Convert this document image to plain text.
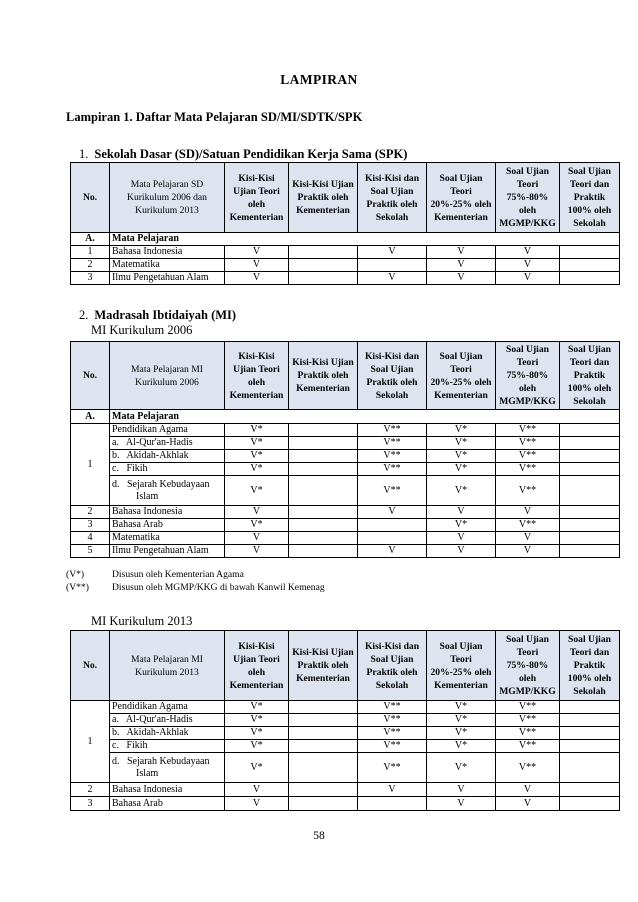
LAMPIRAN
Lampiran 1. Daftar Mata Pelajaran SD/MI/SDTK/SPK
1. Sekolah Dasar (SD)/Satuan Pendidikan Kerja Sama (SPK)
No.	Mata Pelajaran SD Kurikulum 2006 dan Kurikulum 2013	Kisi-Kisi Ujian Teori oleh Kementerian	Kisi-Kisi Ujian Praktik oleh Kementerian	Kisi-Kisi dan Soal Ujian Praktik oleh Sekolah	Soal Ujian Teori 20%-25% oleh Kementerian	Soal Ujian Teori 75%-80% oleh MGMP/KKG	Soal Ujian Teori dan Praktik 100% oleh Sekolah
A.	Mata Pelajaran						
1	Bahasa Indonesia	V		V	V	V	
2	Matematika	V			V	V	
3	Ilmu Pengetahuan Alam	V		V	V	V	
2. Madrasah Ibtidaiyah (MI)
MI Kurikulum 2006
No.	Mata Pelajaran MI Kurikulum 2006	Kisi-Kisi Ujian Teori oleh Kementerian	Kisi-Kisi Ujian Praktik oleh Kementerian	Kisi-Kisi dan Soal Ujian Praktik oleh Sekolah	Soal Ujian Teori 20%-25% oleh Kementerian	Soal Ujian Teori 75%-80% oleh MGMP/KKG	Soal Ujian Teori dan Praktik 100% oleh Sekolah
A.	Mata Pelajaran						
1	Pendidikan Agama	V*		V**	V*	V**	
	a.   Al-Qur'an-Hadis	V*		V**	V*	V**	
	b.   Akidah-Akhlak	V*		V**	V*	V**	
	c.   Fikih	V*		V**	V*	V**	

	d.   Sejarah Kebudayaan
Islam	V*		V**	V*	V**	
2	Bahasa Indonesia	V		V	V	V	
3	Bahasa Arab	V*			V*	V**	
4	Matematika	V			V	V	
5	Ilmu Pengetahuan Alam	V		V	V	V	
(V*)	Disusun oleh Kementerian Agama
(V**) Disusun oleh MGMP/KKG di bawah Kanwil Kemenag
MI Kurikulum 2013
No.	Mata Pelajaran MI Kurikulum 2013	Kisi-Kisi Ujian Teori oleh Kementerian	Kisi-Kisi Ujian Praktik oleh Kementerian	Kisi-Kisi dan Soal Ujian Praktik oleh Sekolah	Soal Ujian Teori 20%-25% oleh Kementerian	Soal Ujian Teori 75%-80% oleh MGMP/KKG	Soal Ujian Teori dan Praktik 100% oleh Sekolah
1	Pendidikan Agama	V*		V**	V*	V**	
	a.   Al-Qur'an-Hadis	V*		V**	V*	V**	
	b.   Akidah-Akhlak	V*		V**	V*	V**	
	c.   Fikih	V*		V**	V*	V**	

	d.   Sejarah Kebudayaan
Islam	V*		V**	V*	V**	
2	Bahasa Indonesia	V		V	V	V	
3	Bahasa Arab	V			V	V	
58
